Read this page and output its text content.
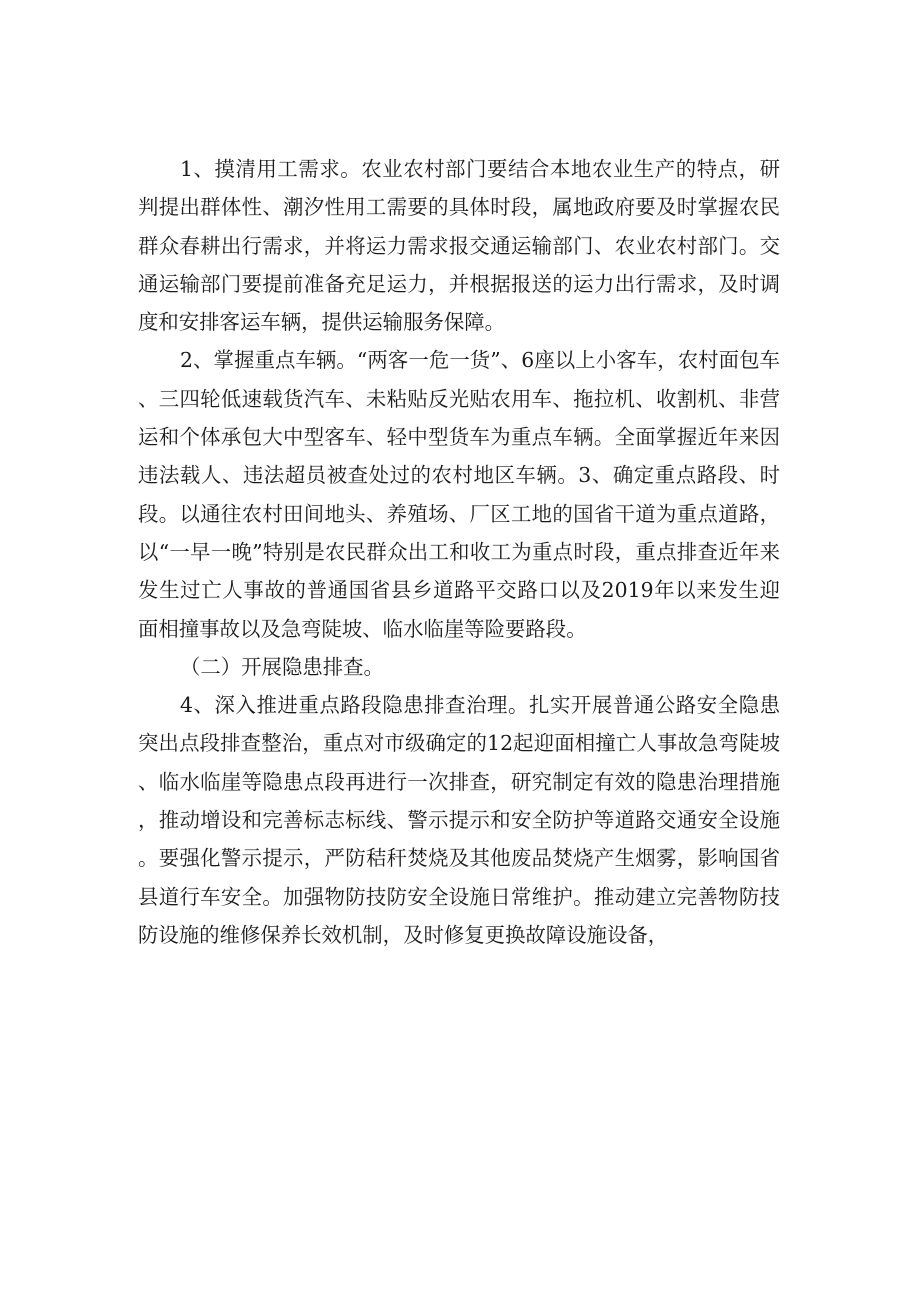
1、摸清用工需求。农业农村部门要结合本地农业生产的特点，研判提出群体性、潮汐性用工需要的具体时段，属地政府要及时掌握农民群众春耕出行需求，并将运力需求报交通运输部门、农业农村部门。交通运输部门要提前准备充足运力，并根据报送的运力出行需求，及时调度和安排客运车辆，提供运输服务保障。

2、掌握重点车辆。“两客一危一货”、6座以上小客车，农村面包车、三四轮低速载货汽车、未粘贴反光贴农用车、拖拉机、收割机、非营运和个体承包大中型客车、轻中型货车为重点车辆。全面掌握近年来因违法载人、违法超员被查处过的农村地区车辆。3、确定重点路段、时段。以通往农村田间地头、养殖场、厂区工地的国省干道为重点道路，以“一早一晚”特别是农民群众出工和收工为重点时段，重点排查近年来发生过亡人事故的普通国省县乡道路平交路口以及2019年以来发生迎面相撞事故以及急弯陡坡、临水临崖等险要路段。

（二）开展隐患排查。

4、深入推进重点路段隐患排查治理。扎实开展普通公路安全隐患突出点段排查整治，重点对市级确定的12起迎面相撞亡人事故急弯陡坡、临水临崖等隐患点段再进行一次排查，研究制定有效的隐患治理措施，推动增设和完善标志标线、警示提示和安全防护等道路交通安全设施。要强化警示提示，严防秸秆焚烧及其他废品焚烧产生烟雾，影响国省县道行车安全。加强物防技防安全设施日常维护。推动建立完善物防技防设施的维修保养长效机制，及时修复更换故障设施设备，
